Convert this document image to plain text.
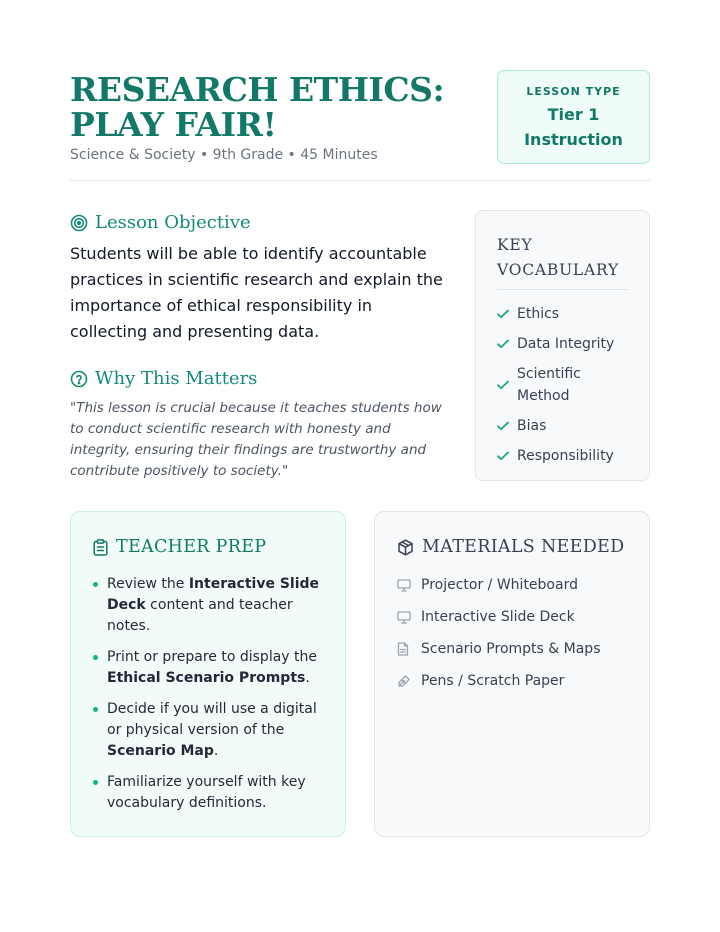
RESEARCH ETHICS: PLAY FAIR!
Science & Society • 9th Grade • 45 Minutes
LESSON TYPE
Tier 1 Instruction
Lesson Objective

Students will be able to identify accountable practices in scientific research and explain the importance of ethical responsibility in collecting and presenting data.

Why This Matters

"This lesson is crucial because it teaches students how to conduct scientific research with honesty and integrity, ensuring their findings are trustworthy and contribute positively to society."

KEY VOCABULARY
Ethics
Data Integrity
Scientific Method
Bias
Responsibility
TEACHER PREP
Review the Interactive Slide Deck content and teacher notes.
Print or prepare to display the Ethical Scenario Prompts.
Decide if you will use a digital or physical version of the Scenario Map.
Familiarize yourself with key vocabulary definitions.
MATERIALS NEEDED
Projector / Whiteboard
Interactive Slide Deck
Scenario Prompts & Maps
Pens / Scratch Paper
